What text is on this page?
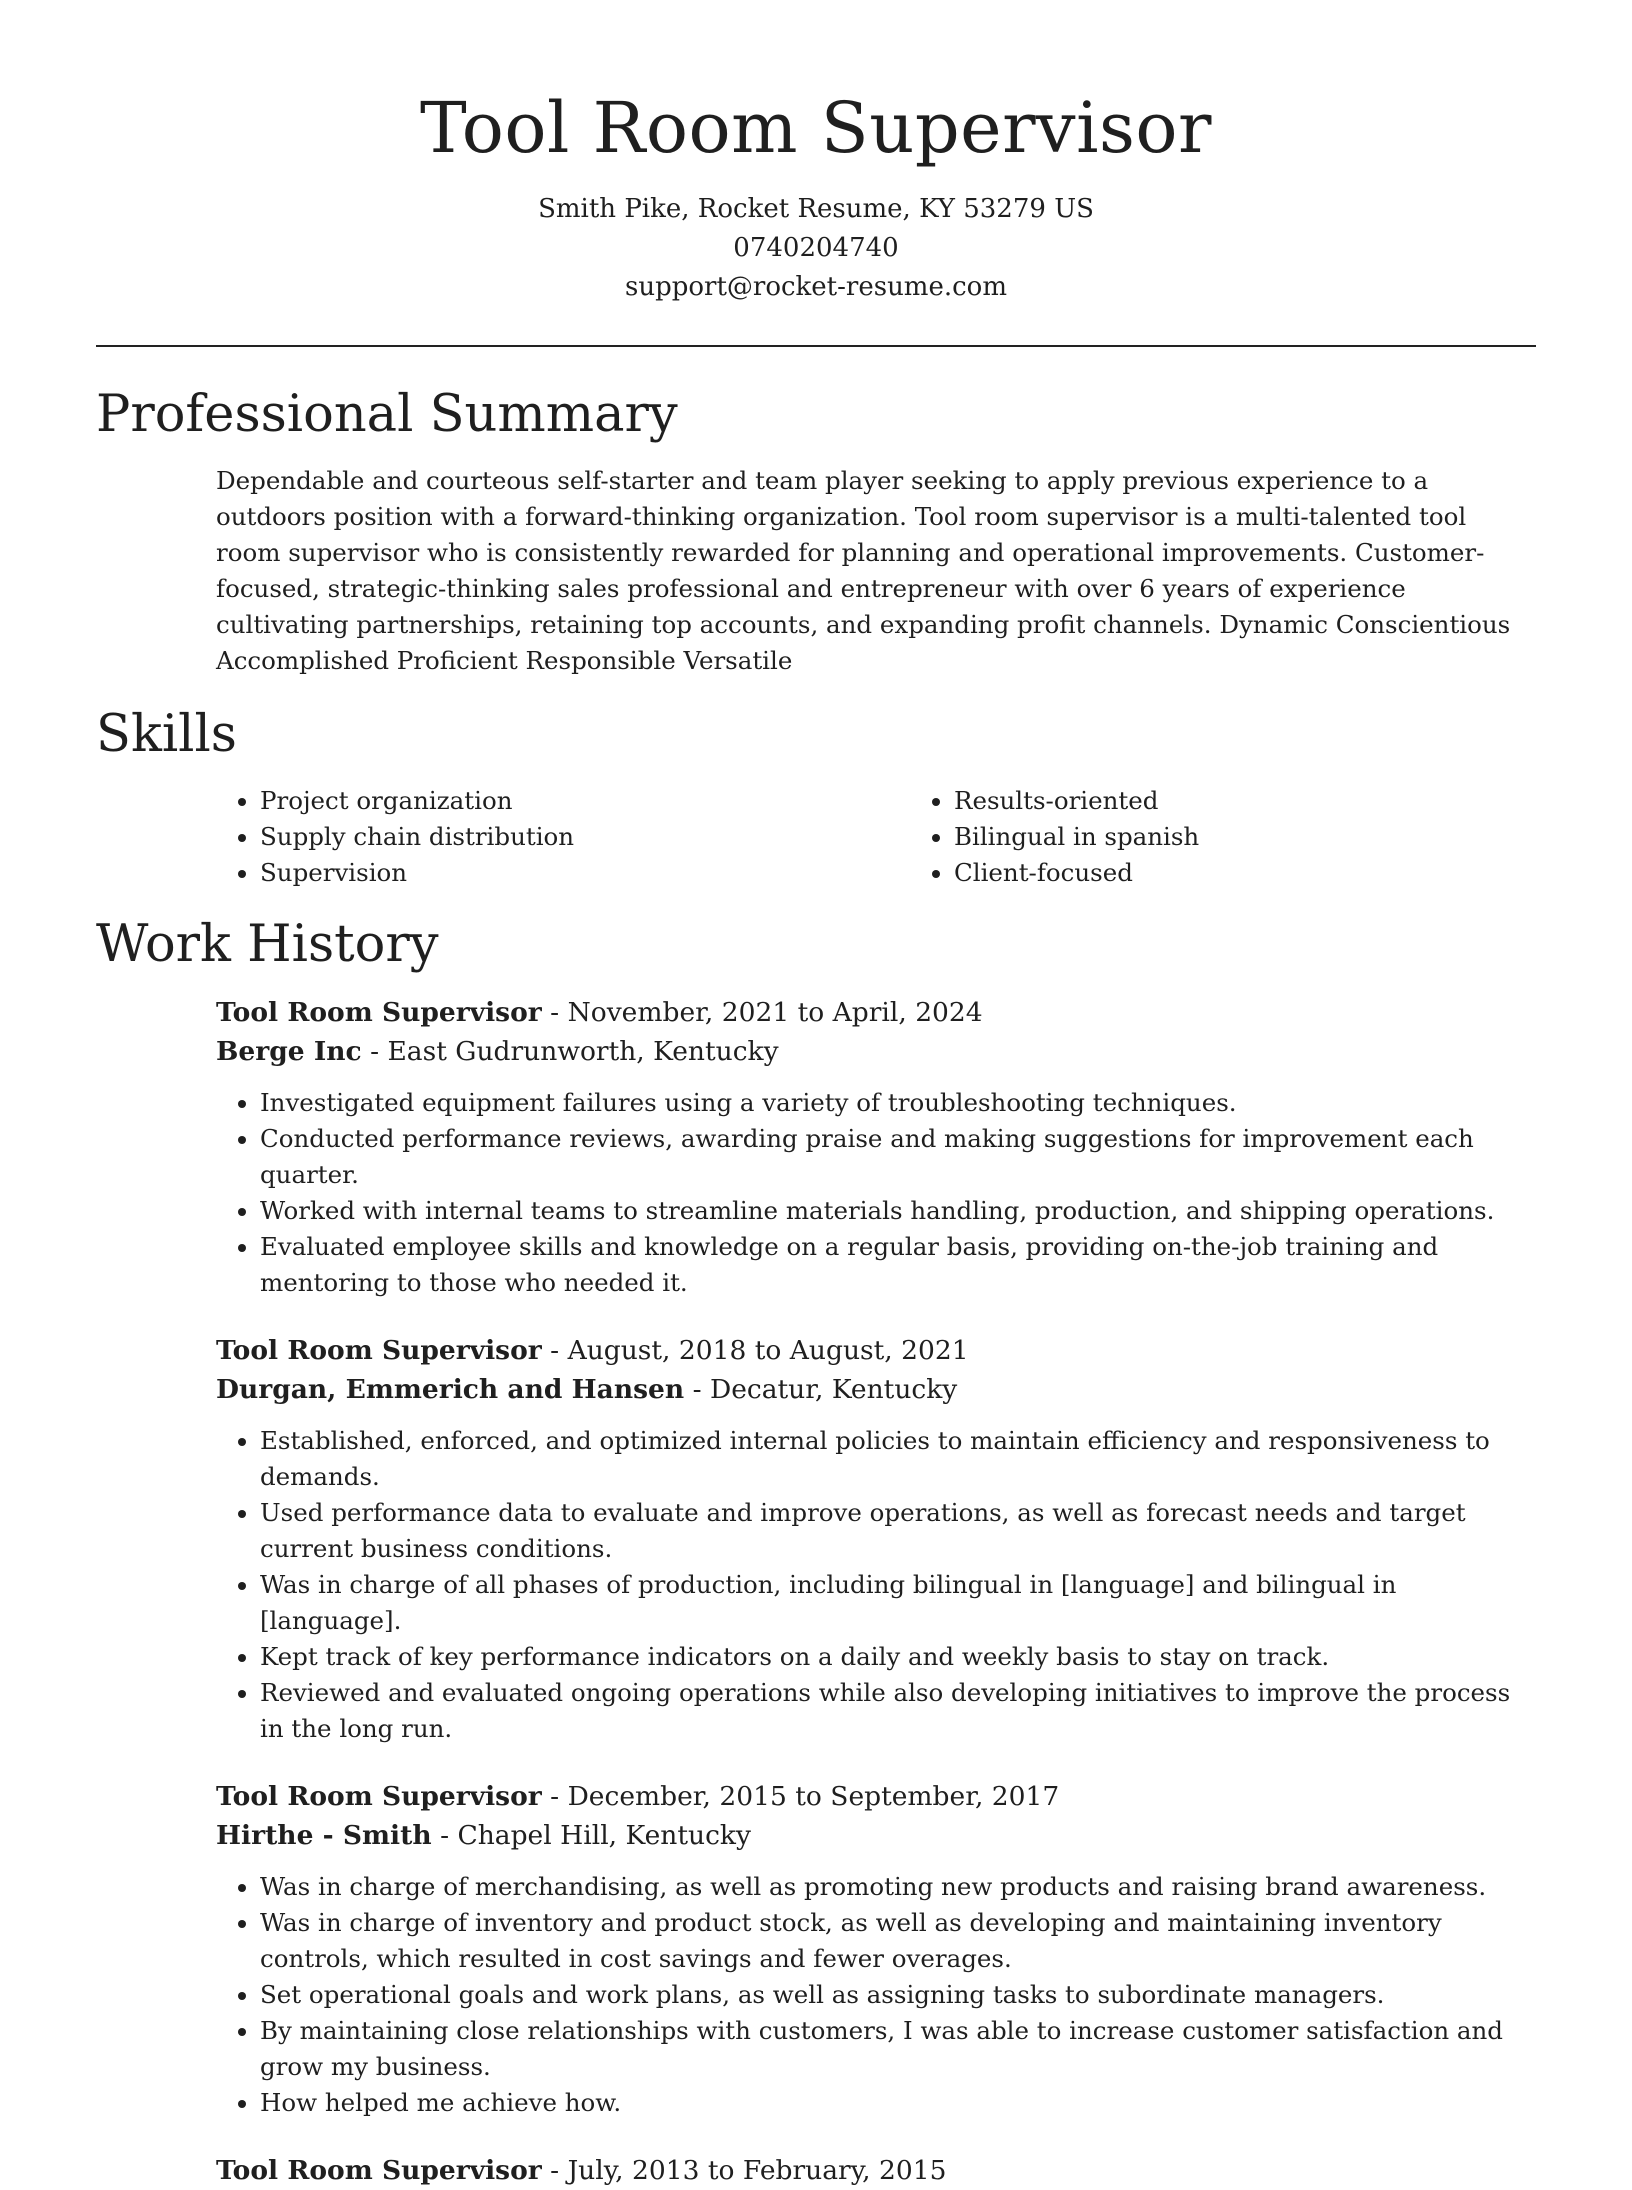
Tool Room Supervisor
Smith Pike, Rocket Resume, KY 53279 US
0740204740
support@rocket-resume.com
Professional Summary

Dependable and courteous self-starter and team player seeking to apply previous experience to a outdoors position with a forward-thinking organization. Tool room supervisor is a multi-talented tool room supervisor who is consistently rewarded for planning and operational improvements. Customer-focused, strategic-thinking sales professional and entrepreneur with over 6 years of experience cultivating partnerships, retaining top accounts, and expanding profit channels. Dynamic Conscientious Accomplished Proficient Responsible Versatile

Skills
• Project organization
• Supply chain distribution
• Supervision
• Results-oriented
• Bilingual in spanish
• Client-focused
Work History
Tool Room Supervisor - November, 2021 to April, 2024
Berge Inc - East Gudrunworth, Kentucky
• Investigated equipment failures using a variety of troubleshooting techniques.
• Conducted performance reviews, awarding praise and making suggestions for improvement each quarter.
• Worked with internal teams to streamline materials handling, production, and shipping operations.
• Evaluated employee skills and knowledge on a regular basis, providing on-the-job training and mentoring to those who needed it.
Tool Room Supervisor - August, 2018 to August, 2021
Durgan, Emmerich and Hansen - Decatur, Kentucky
• Established, enforced, and optimized internal policies to maintain efficiency and responsiveness to demands.
• Used performance data to evaluate and improve operations, as well as forecast needs and target current business conditions.
• Was in charge of all phases of production, including bilingual in [language] and bilingual in [language].
• Kept track of key performance indicators on a daily and weekly basis to stay on track.
• Reviewed and evaluated ongoing operations while also developing initiatives to improve the process in the long run.
Tool Room Supervisor - December, 2015 to September, 2017
Hirthe - Smith - Chapel Hill, Kentucky
• Was in charge of merchandising, as well as promoting new products and raising brand awareness.
• Was in charge of inventory and product stock, as well as developing and maintaining inventory controls, which resulted in cost savings and fewer overages.
• Set operational goals and work plans, as well as assigning tasks to subordinate managers.
• By maintaining close relationships with customers, I was able to increase customer satisfaction and grow my business.
• How helped me achieve how.
Tool Room Supervisor - July, 2013 to February, 2015
